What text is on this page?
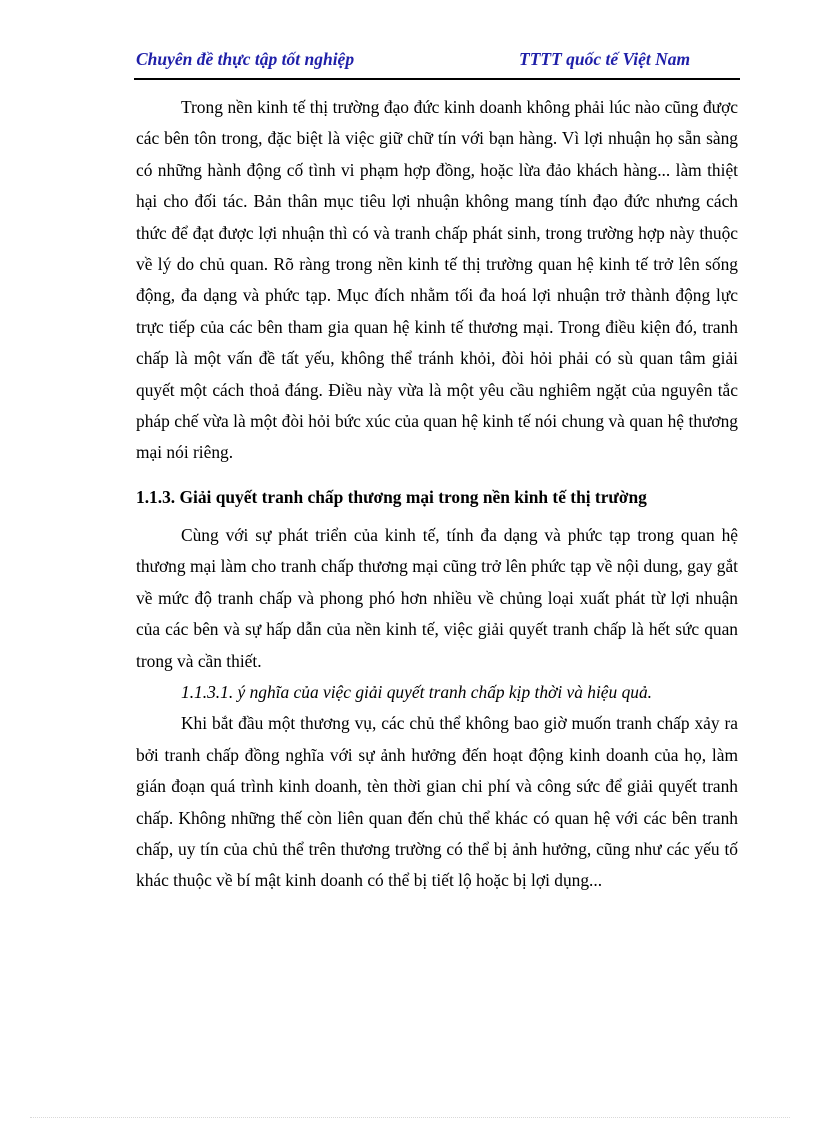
Chuyên đề thực tập tốt nghiệp	TTTT quốc tế Việt Nam

Trong nền kinh tế thị trường đạo đức kinh doanh không phải lúc nào cũng được các bên tôn trong, đặc biệt là việc giữ chữ tín với bạn hàng. Vì lợi nhuận họ sẵn sàng có những hành động cố tình vi phạm hợp đồng, hoặc lừa đảo khách hàng... làm thiệt hại cho đối tác. Bản thân mục tiêu lợi nhuận không mang tính đạo đức nhưng cách thức để đạt được lợi nhuận thì có và tranh chấp phát sinh, trong trường hợp này thuộc về lý do chủ quan. Rõ ràng trong nền kinh tế thị trường quan hệ kinh tế trở lên sống động, đa dạng và phức tạp. Mục đích nhằm tối đa hoá lợi nhuận trở thành động lực trực tiếp của các bên tham gia quan hệ kinh tế thương mại. Trong điều kiện đó, tranh chấp là một vấn đề tất yếu, không thể tránh khỏi, đòi hỏi phải có sù quan tâm giải quyết một cách thoả đáng. Điều này vừa là một yêu cầu nghiêm ngặt của nguyên tắc pháp chế vừa là một đòi hỏi bức xúc của quan hệ kinh tế nói chung và quan hệ thương mại nói riêng.

1.1.3. Giải quyết tranh chấp thương mại trong nền kinh tế thị trường

Cùng với sự phát triển của kinh tế, tính đa dạng và phức tạp trong quan hệ thương mại làm cho tranh chấp thương mại cũng trở lên phức tạp về nội dung, gay gắt về mức độ tranh chấp và phong phó hơn nhiều về chủng loại xuất phát từ lợi nhuận của các bên và sự hấp dẫn của nền kinh tế, việc giải quyết tranh chấp là hết sức quan trong và cần thiết.

1.1.3.1. ý nghĩa của việc giải quyết tranh chấp kịp thời và hiệu quả.

Khi bắt đầu một thương vụ, các chủ thể không bao giờ muốn tranh chấp xảy ra bởi tranh chấp đồng nghĩa với sự ảnh hưởng đến hoạt động kinh doanh của họ, làm gián đoạn quá trình kinh doanh, tèn thời gian chi phí và công sức để giải quyết tranh chấp. Không những thế còn liên quan đến chủ thể khác có quan hệ với các bên tranh chấp, uy tín của chủ thể trên thương trường có thể bị ảnh hưởng, cũng như các yếu tố khác thuộc về bí mật kinh doanh có thể bị tiết lộ hoặc bị lợi dụng...
